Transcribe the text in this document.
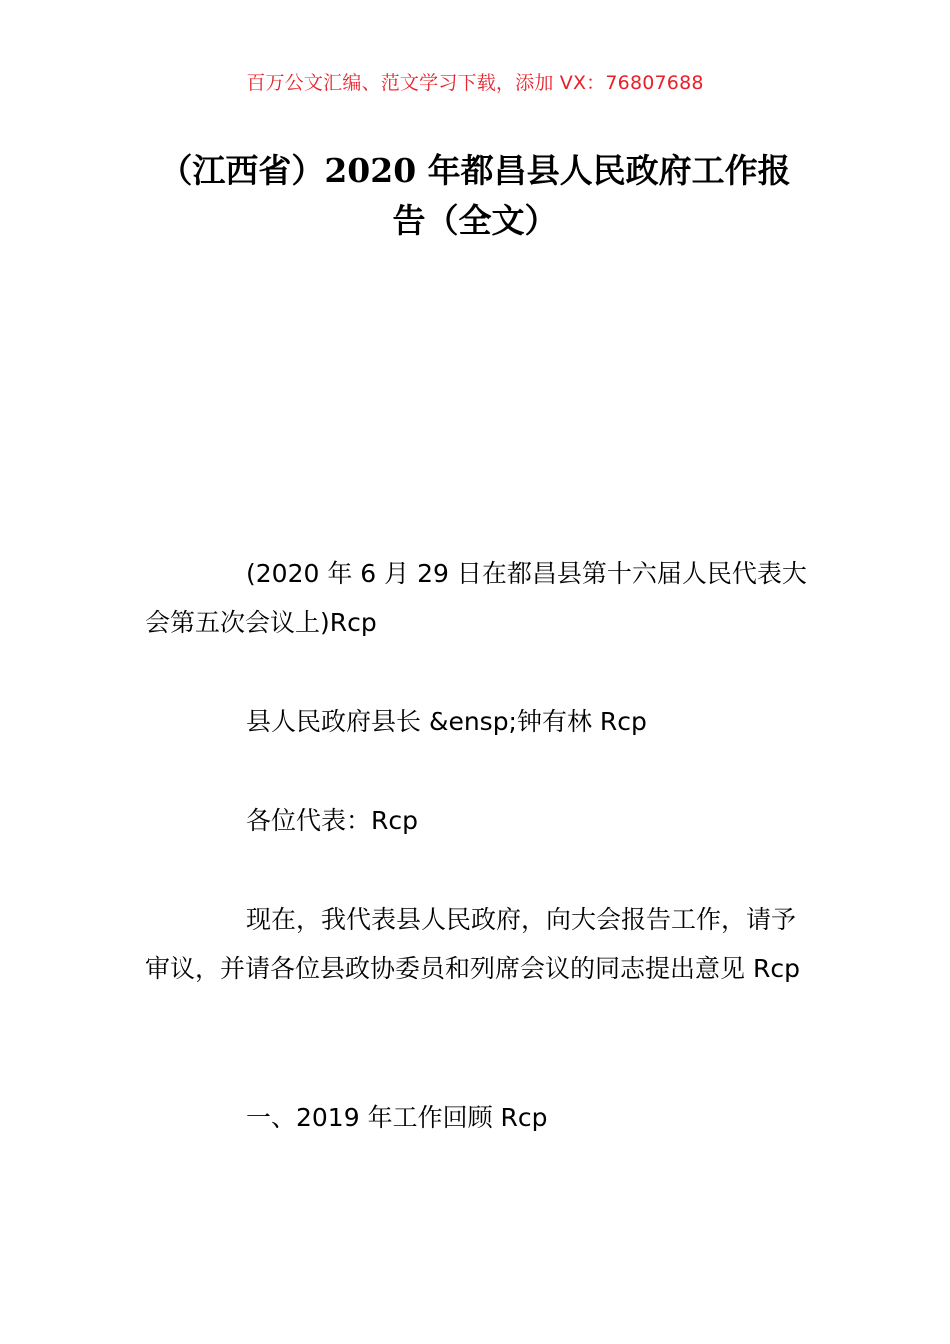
百万公文汇编、范文学习下载，添加 VX：76807688
（江西省）2020 年都昌县人民政府工作报
告（全文）

(2020 年 6 月 29 日在都昌县第十六届人民代表大会第五次会议上)Rcp

县人民政府县长 &ensp;钟有林 Rcp

各位代表：Rcp

现在，我代表县人民政府，向大会报告工作，请予审议，并请各位县政协委员和列席会议的同志提出意见 Rcp

一、2019 年工作回顾 Rcp
